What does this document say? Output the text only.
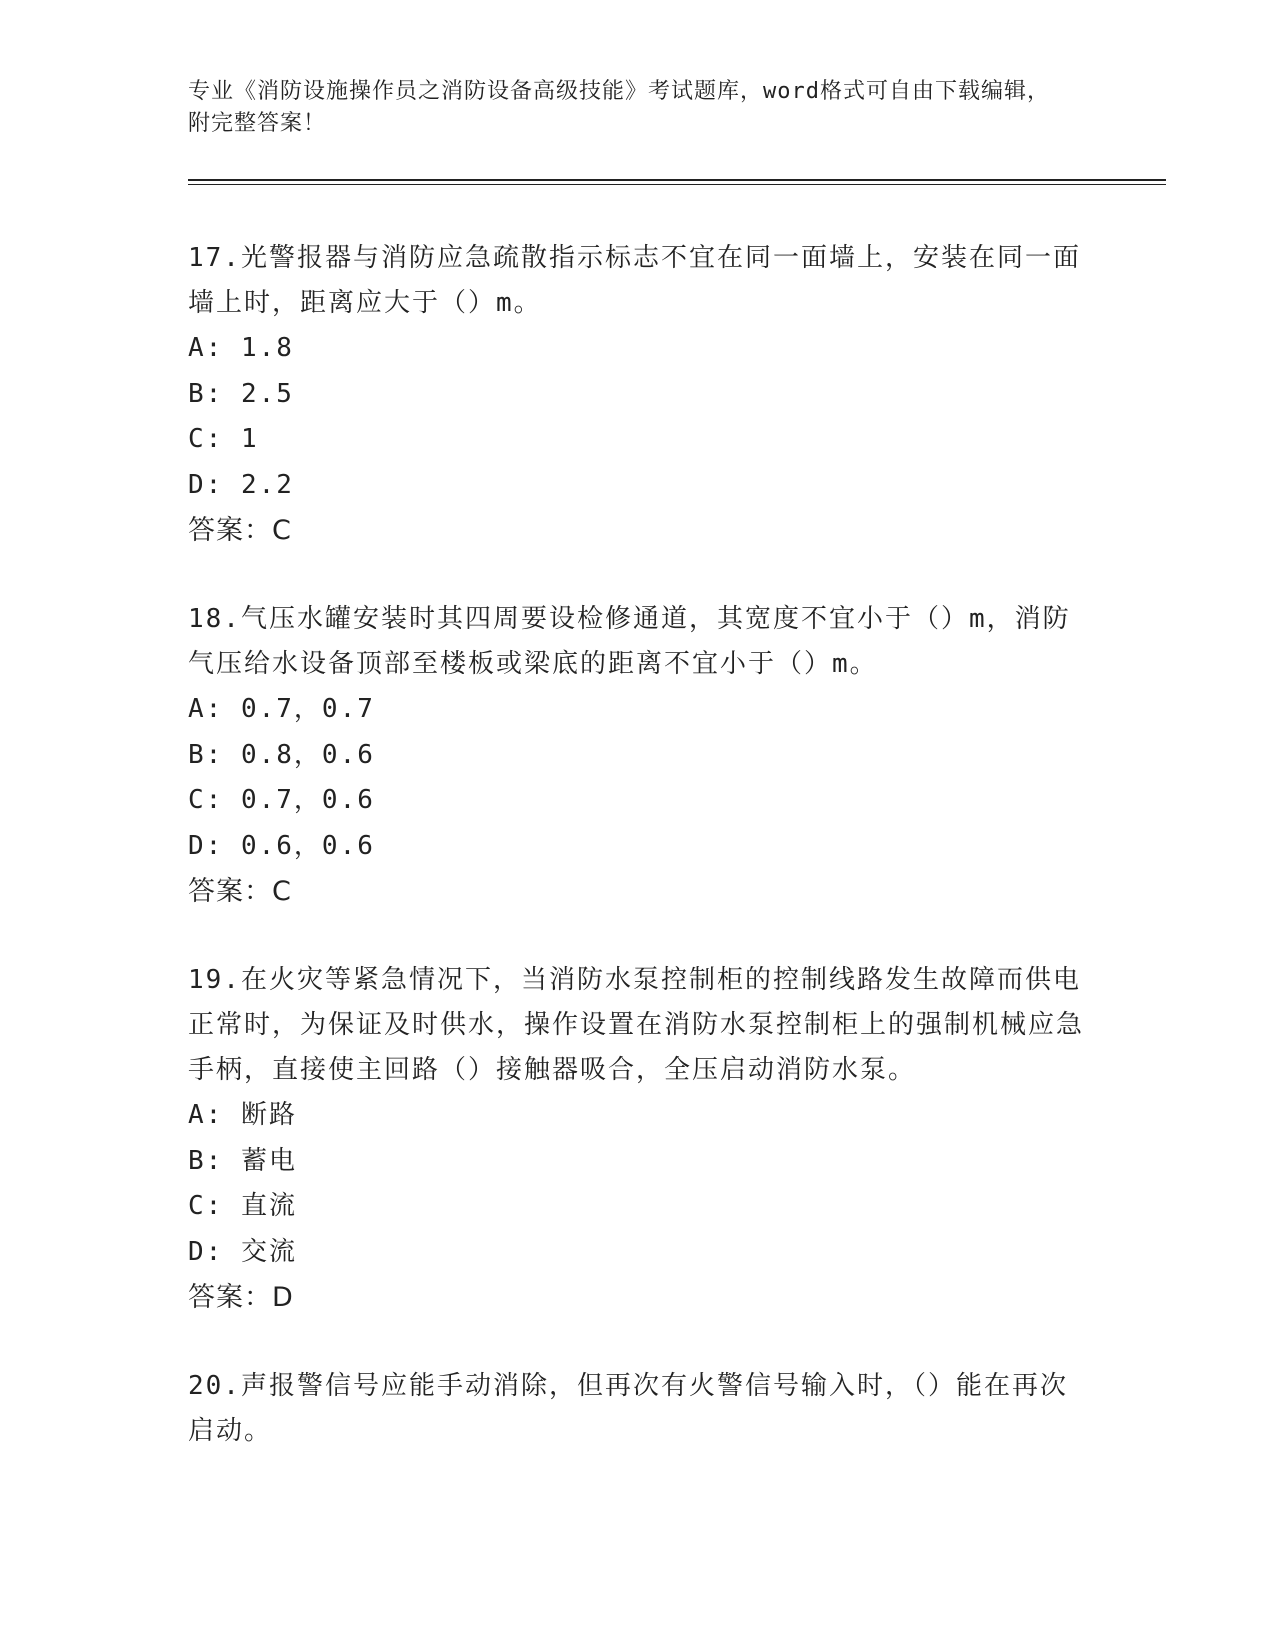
专业《消防设施操作员之消防设备高级技能》考试题库，word格式可自由下载编辑，附完整答案！
17.光警报器与消防应急疏散指示标志不宜在同一面墙上，安装在同一面墙上时，距离应大于（）m。
A: 1.8
B: 2.5
C: 1
D: 2.2
答案：C
18.气压水罐安装时其四周要设检修通道，其宽度不宜小于（）m，消防气压给水设备顶部至楼板或梁底的距离不宜小于（）m。
A: 0.7，0.7
B: 0.8，0.6
C: 0.7，0.6
D: 0.6，0.6
答案：C
19.在火灾等紧急情况下，当消防水泵控制柜的控制线路发生故障而供电正常时，为保证及时供水，操作设置在消防水泵控制柜上的强制机械应急手柄，直接使主回路（）接触器吸合，全压启动消防水泵。
A: 断路
B: 蓄电
C: 直流
D: 交流
答案：D
20.声报警信号应能手动消除，但再次有火警信号输入时，（）能在再次启动。
